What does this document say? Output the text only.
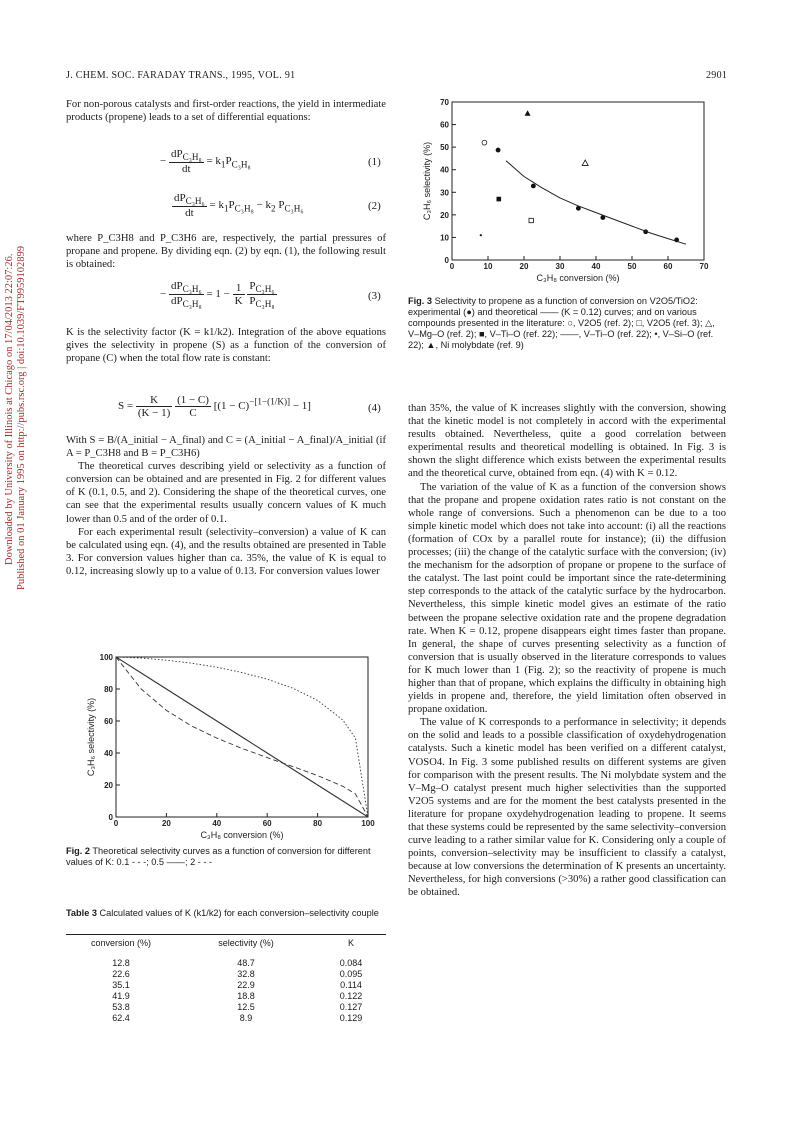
Downloaded by University of Illinois at Chicago on 17/04/2013 22:07:26. Published on 01 January 1995 on http://pubs.rsc.org | doi:10.1039/FT9959102899
J. CHEM. SOC. FARADAY TRANS., 1995, VOL. 91	2901

For non-porous catalysts and first-order reactions, the yield in intermediate products (propene) leads to a set of differential equations:

− $\frac{dP_{C_3H_8}}{dt} = k_1P_{C_3H_8}$	(1)
$\frac{dP_{C_3H_6}}{dt} = k_1P_{C_3H_8} - k_2$ $P_{C_3H_6}$	(2)

where P_C3H8 and P_C3H6 are, respectively, the partial pressures of propane and propene. By dividing eqn. (2) by eqn. (1), the following result is obtained:

− $\frac{dP_{C_3H_6}}{dP_{C_3H_8}} = 1 - \frac{1}{K}$
$\frac{P_{C_3H_6}}{P_{C_3H_8}}$	(3)

K is the selectivity factor (K = k1/k2). Integration of the above equations gives the selectivity in propene (S) as a function of the conversion of propane (C) when the total flow rate is constant:

$S = \frac{K}{(K - 1)}$
$\frac{(1 - C)}{C} [(1 - C)^{-[1-(1/K)]} - 1]$	(4)

With S = B/(A_initial − A_final) and C = (A_initial − A_final)/A_initial (if A = P_C3H8 and B = P_C3H6)

The theoretical curves describing yield or selectivity as a function of conversion can be obtained and are presented in Fig. 2 for different values of K (0.1, 0.5, and 2). Considering the shape of the theoretical curves, one can see that the experimental results usually concern values of K much lower than 0.5 and of the order of 0.1.

For each experimental result (selectivity–conversion) a value of K can be calculated using eqn. (4), and the results obtained are presented in Table 3. For conversion values higher than ca. 35%, the value of K is equal to 0.12, increasing slowly up to a value of 0.13. For conversion values lower

0	20	40	60	80	100
0
20
40
60
80
100
C₃H₈ conversion (%)
C₃H₆ selectivity (%)
Fig. 2 Theoretical selectivity curves as a function of conversion for different values of K: 0.1 - - -; 0.5 ——; 2 - - -
Table 3 Calculated values of K (k1/k2) for each conversion–selectivity couple
conversion (%)	selectivity (%)	K
12.8	48.7	0.084
22.6	32.8	0.095
35.1	22.9	0.114
41.9	18.8	0.122
53.8	12.5	0.127
62.4	8.9	0.129
0	10	20	30	40	50	60	70
0
10
20
30
40
50
60
70
C₃H₈ conversion (%)
C₃H₆ selectivity (%)
Fig. 3 Selectivity to propene as a function of conversion on V2O5/TiO2: experimental (●) and theoretical —— (K = 0.12) curves; and on various compounds presented in the literature: ○, V2O5 (ref. 2); □, V2O5 (ref. 3); △, V–Mg–O (ref. 2); ■, V–Ti–O (ref. 22); ——, V–Ti–O (ref. 22); •, V–Si–O (ref. 22); ▲, Ni molybdate (ref. 9)

than 35%, the value of K increases slightly with the conversion, showing that the kinetic model is not completely in accord with the experimental results obtained. Nevertheless, quite a good correlation between experimental results and theoretical modelling is obtained. In Fig. 3 is shown the slight difference which exists between the experimental results and the theoretical curve, obtained from eqn. (4) with K = 0.12.

The variation of the value of K as a function of the conversion shows that the propane and propene oxidation rates ratio is not constant on the whole range of conversions. Such a phenomenon can be due to a too simple kinetic model which does not take into account: (i) all the reactions (formation of COx by a parallel route for instance); (ii) the diffusion processes; (iii) the change of the catalytic surface with the conversion; (iv) the mechanism for the adsorption of propane or propene to the surface of the catalyst. The last point could be important since the rate-determining step corresponds to the attack of the catalytic surface by the hydrocarbon. Nevertheless, this simple kinetic model gives an estimate of the ratio between the propane selective oxidation rate and the propene degradation rate. When K = 0.12, propene disappears eight times faster than propane. In general, the shape of curves presenting selectivity as a function of conversion that is usually observed in the literature corresponds to values for K much lower than 1 (Fig. 2); so the reactivity of propene is much higher than that of propane, which explains the difficulty in obtaining high yields in propene and, therefore, the yield limitation often observed in propane oxidation.

The value of K corresponds to a performance in selectivity; it depends on the solid and leads to a possible classification of oxydehydrogenation catalysts. Such a kinetic model has been verified on a different catalyst, VOSO4. In Fig. 3 some published results on different systems are given for comparison with the present results. The Ni molybdate system and the V–Mg–O catalyst present much higher selectivities than the supported V2O5 systems and are for the moment the best catalysts presented in the literature for propane oxydehydrogenation leading to propene. It seems that these systems could be represented by the same selectivity–conversion curve leading to a rather similar value for K. Considering only a couple of points, conversion–selectivity may be insufficient to classify a catalyst, because at low conversions the determination of K presents an uncertainty. Nevertheless, for high conversions (>30%) a rather good classification can be obtained.
